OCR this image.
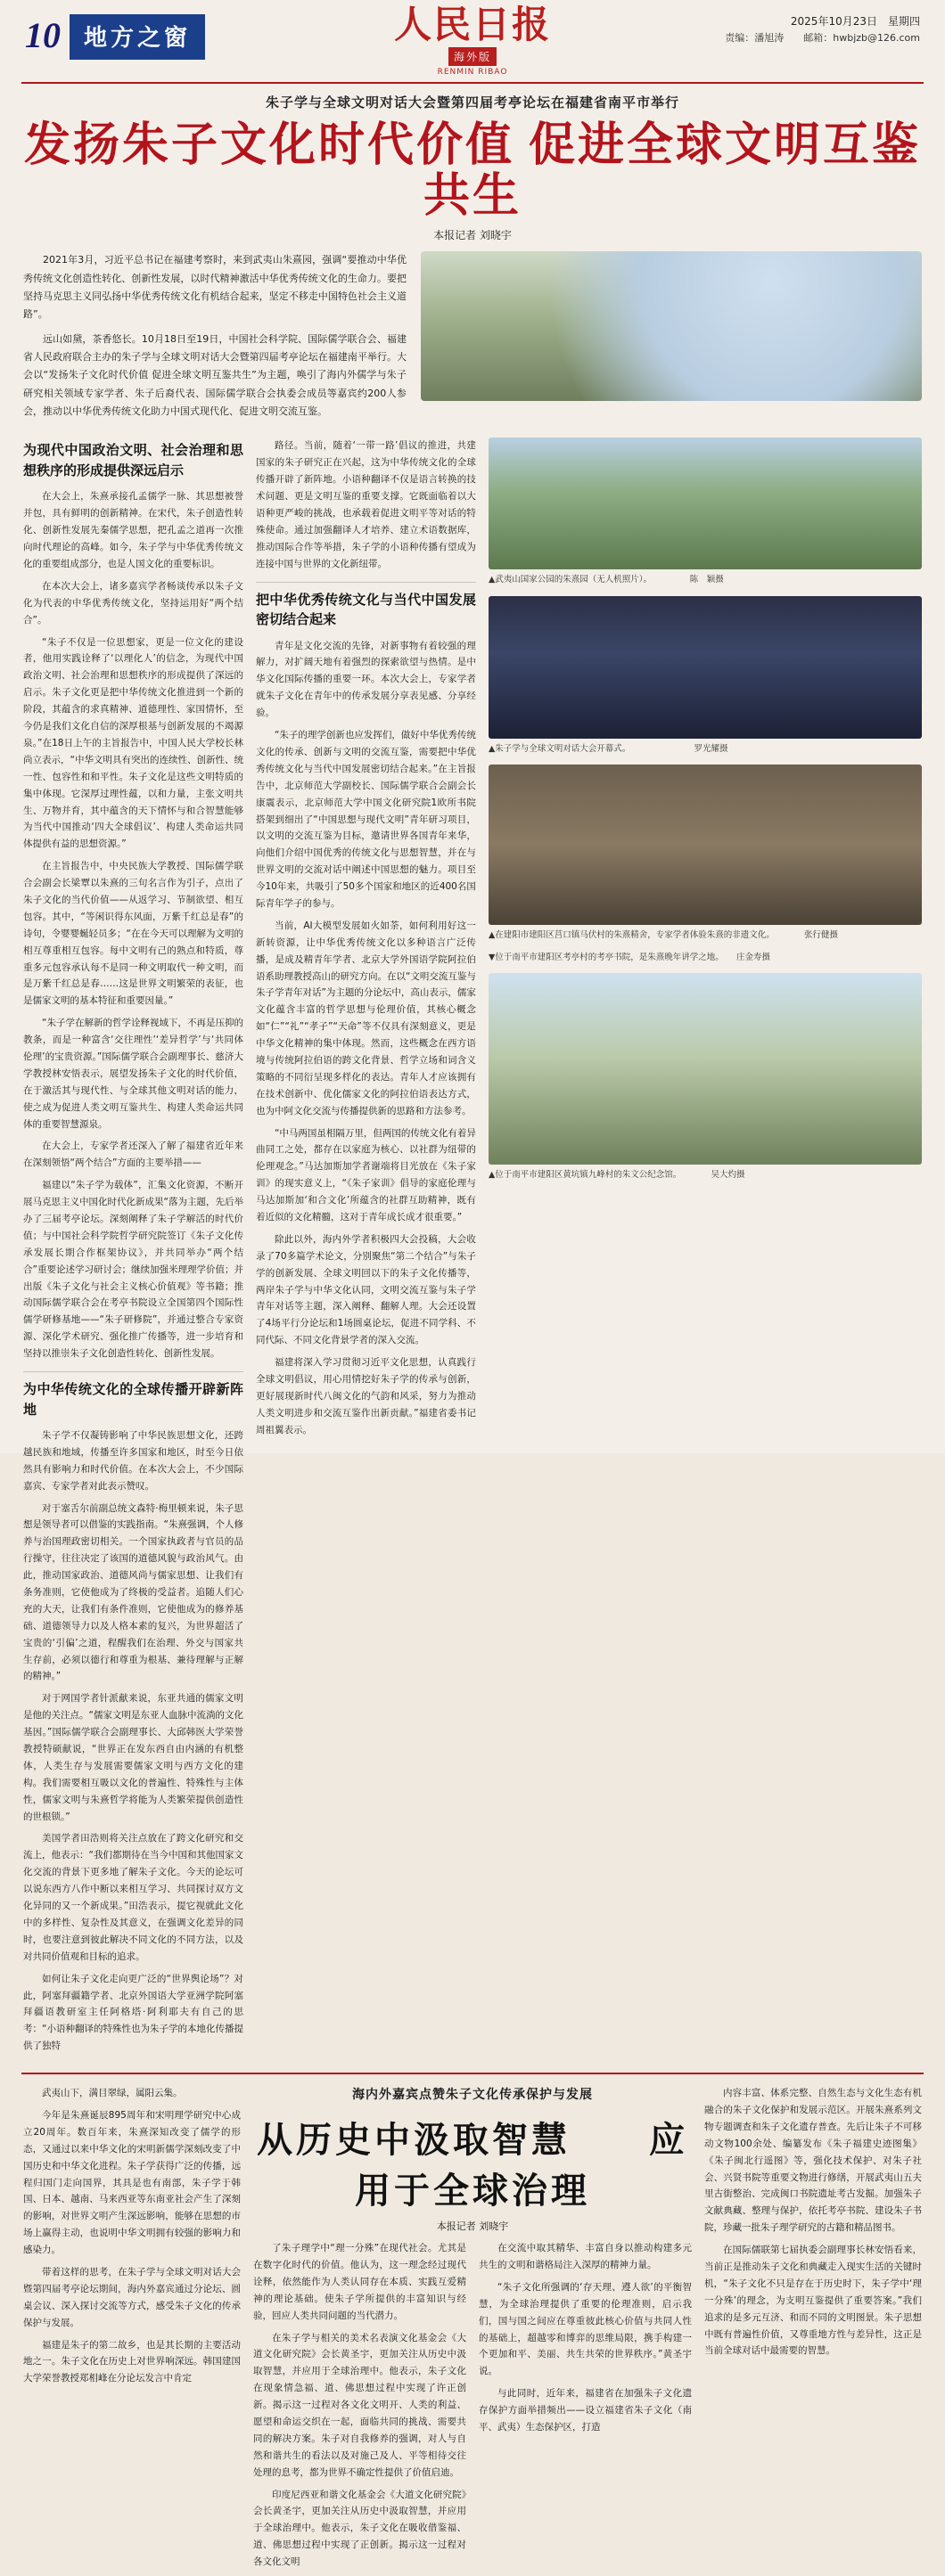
10	地方之窗	人民日报
海外版
RENMIN RIBAO
2025年10月23日　星期四
责编：潘旭涛　　邮箱：hwbjzb@126.com
朱子学与全球文明对话大会暨第四届考亭论坛在福建省南平市举行
发扬朱子文化时代价值 促进全球文明互鉴共生
本报记者 刘晓宇

2021年3月，习近平总书记在福建考察时，来到武夷山朱熹园，强调“要推动中华优秀传统文化创造性转化、创新性发展，以时代精神激活中华优秀传统文化的生命力。要把坚持马克思主义同弘扬中华优秀传统文化有机结合起来，坚定不移走中国特色社会主义道路”。

远山如黛，茶香悠长。10月18日至19日，中国社会科学院、国际儒学联合会、福建省人民政府联合主办的朱子学与全球文明对话大会暨第四届考亭论坛在福建南平举行。大会以“发扬朱子文化时代价值 促进全球文明互鉴共生”为主题，唤引了海内外儒学与朱子研究相关领域专家学者、朱子后裔代表、国际儒学联合会执委会成员等嘉宾约200人参会，推动以中华优秀传统文化助力中国式现代化、促进文明交流互鉴。

为现代中国政治文明、社会治理和思想秩序的形成提供深远启示

在大会上，朱熹承接孔孟儒学一脉、其思想被誉并包，具有鲜明的创新精神。在宋代，朱子创造性转化、创新性发展先秦儒学思想，把孔孟之道再一次推向时代理论的高峰。如今，朱子学与中华优秀传统文化的重要组成部分，也是人国文化的重要标识。

在本次大会上，诸多嘉宾学者畅谈传承以朱子文化为代表的中华优秀传统文化，坚持运用好“两个结合”。

“朱子不仅是一位思想家，更是一位文化的建设者，他用实践诠释了‘以理化人’的信念，为现代中国政治文明、社会治理和思想秩序的形成提供了深远的启示。朱子文化更是把中华传统文化推进到一个新的阶段，其蕴含的求真精神、道德理性、家国情怀，至今仍是我们文化自信的深厚根基与创新发展的不竭源泉。”在18日上午的主旨报告中，中国人民大学校长林尚立表示，“中华文明具有突出的连续性、创新性、统一性、包容性和和平性。朱子文化是这些文明特质的集中体现。它深厚过理性蕴，以和力量，主张文明共生、万物并育，其中蕴含的天下情怀与和合智慧能够为当代中国推动‘四大全球倡议’、构建人类命运共同体提供有益的思想资源。”

在主旨报告中，中央民族大学教授、国际儒学联合会副会长梁覃以朱熹的三句名言作为引子，点出了朱子文化的当代价值——从返学习、节制欲望、相互包容。其中，“等闲识得东风面，万紫千红总是春”的诗句，令婴婴蜒轻员多；“在在今天可以理解为文明的相互尊重相互包容。每中文明有己的熟点和特质，尊重多元包容承认每不是同一种文明取代一种文明，而是万紫千红总是春……这是世界文明繁荣的表征，也是儒家文明的基本特征和重要因量。”

“朱子学在解新的哲学诠释视域下，不再是压抑的教条，而是一种富含‘交往理性’‘差异哲学’与‘共同体伦理’的宝贵资源。”国际儒学联合会副理事长、慈济大学教授林安悟表示，展望发扬朱子文化的时代价值，在于激活其与现代性、与全球其他文明对话的能力，使之成为促进人类文明互鉴共生、构建人类命运共同体的重要智慧源泉。

在大会上，专家学者还深入了解了福建省近年来在深刻领悟“两个结合”方面的主要举措——

福建以“朱子学为载体”，汇集文化资源，不断开展马克思主义中国化时代化新成果“落为主题，先后举办了三届考亭论坛。深刻阐释了朱子学解活的时代价值；与中国社会科学院哲学研究院签订《朱子文化传承发展长期合作框架协议》，并共同举办“两个结合”重要论述学习研讨会；继续加强米理理学价值；并出版《朱子文化与社会主义核心价值观》等书籍；推动国际儒学联合会在考亭书院设立全国第四个国际性儒学研修基地——“朱子研修院”，并通过整合专家资源、深化学术研究、强化推广传播等，进一步培育和坚持以推崇朱子文化创造性转化、创新性发展。

为中华传统文化的全球传播开辟新阵地

朱子学不仅凝铸影响了中华民族思想文化，还跨越民族和地域，传播至许多国家和地区，时至今日依然具有影响力和时代价值。在本次大会上，不少国际嘉宾、专家学者对此表示赞叹。

对于塞舌尔前副总统文森特·梅里顿来说，朱子思想是领导者可以借鉴的实践指南。“朱熹强调，个人修养与治国理政密切相关。一个国家执政者与官员的品行操守，往往决定了该国的道德风貌与政治风气。由此，推动国家政治、道德风尚与儒家思想、让我们有条务准则，它使他成为了终极的受益者。追随人们心充的大天，让我们有条件准则，它使他成为的修养基础、道德领导力以及人格本素的复兴，为世界超活了宝贵的‘引偏’之道，程醒我们在治理、外交与国家共生存前，必须以德行和尊重为根基、兼待理解与正解的精神。”

对于网国学者针派献来说，东亚共通的儒家文明是他的关注点。“儒家文明是东亚人血脉中流淌的文化基因。”国际儒学联合会副理事长、大邱韩医大学荣誉教授特硕献说，“世界正在发东西自由内涵的有机整体，人类生存与发展需要儒家文明与西方文化的建构。我们需要相互吸以文化的普遍性、特殊性与主体性，儒家文明与朱熹哲学将能为人类繁荣提供创造性的世根锁。”

美国学者田浩则将关注点放在了跨文化研究和交流上，他表示：“我们都期待在当今中国和其他国家文化交流的背景下更多地了解朱子文化。今天的论坛可以说东西方八作中断以来相互学习、共同探讨双方文化异同的又一个新成果。”田浩表示，提它视就此文化中的多样性、复杂性及其意义，在强调文化差异的同时，也要注意到彼此解决不同文化的不同方法，以及对共同价值观和目标的追求。

如何让朱子文化走向更广泛的“世界舆论场”？对此，阿塞拜疆籍学者、北京外国语大学亚洲学院阿塞拜疆语教研室主任阿格塔·阿利耶夫有自己的思考：“小语种翻译的特殊性也为朱子学的本地化传播提供了独特

路径。当前，随着‘一带一路’倡议的推进，共建国家的朱子研究正在兴起，这为中华传统文化的全球传播开辟了新阵地。小语种翻译不仅是语言转换的技术问题、更是文明互鉴的重要支撑。它既面临着以大语种更严峻的挑战，也承载着促进文明平等对话的特殊使命。通过加强翻译人才培养、建立术语数据库，推动国际合作等举措，朱子学的小语种传播有望成为连接中国与世界的文化新纽带。

把中华优秀传统文化与当代中国发展密切结合起来

青年是文化交流的先锋，对新事物有着较强的理解力，对扩阔天地有着强烈的探索欲望与热情。是中华文化国际传播的重要一环。本次大会上，专家学者就朱子文化在青年中的传承发展分享表见感、分享经验。

“朱子的理学创新也应发挥们，做好中华优秀传统文化的传承、创新与文明的交流互鉴，需要把中华优秀传统文化与当代中国发展密切结合起来。”在主旨报告中，北京师范大学副校长、国际儒学联合会副会长康震表示，北京师范大学中国文化研究院1欧所书院搭架到细出了“中国思想与现代文明”青年研习项目，以文明的交流互鉴为目标，邀请世界各国青年来华，向他们介绍中国优秀的传统文化与思想智慧，并在与世界文明的交流对话中阐述中国思想的魅力。项目至今10年来，共吸引了50多个国家和地区的近400名国际青年学子的参与。

当前，AI大模型发展如火如荼，如何利用好这一新转资源，让中华优秀传统文化以多种语言广泛传播，是成及精青年学者、北京大学外国语学院阿拉伯语系助理教授高山的研究方向。在以“文明交流互鉴与朱子学青年对话”为主题的分论坛中，高山表示，儒家文化蕴含丰富的哲学思想与伦理价值，其核心概念如“仁”“礼”“孝子”“天命”等不仅具有深刻意义，更是中华文化精神的集中体现。然而，这些概念在西方语境与传统阿拉伯语的跨文化背景、哲学立场和词含义策略的不同衍呈现多样化的表达。青年人才应该拥有在技术创新中、优化儒家文化的阿拉伯语表达方式，也为中阿文化交流与传播提供新的思路和方法参考。

“中马两国虽相隔万里，但两国的传统文化有着异曲同工之处，都存在以家庭为核心、以社群为纽带的伦理观念。”马达加斯加学者谢端将目光放在《朱子家训》的现实意义上，“《朱子家训》倡导的家庭伦理与马达加斯加‘和合文化’所蕴含的社群互助精神，既有着近似的文化精髓，这对于青年成长成才很重要。”

除此以外，海内外学者积极四大会投稿，大会收录了70多篇学术论文，分别聚焦“第二个结合”与朱子学的创新发展、全球文明回以下的朱子文化传播等，两岸朱子学与中华文化认同，文明交流互鉴与朱子学青年对话等主题，深入阐释、翻解人理。大会还设置了4场平行分论坛和1场圆桌论坛，促进不同学科、不同代际、不同文化背景学者的深入交流。

福建将深入学习贯彻习近平文化思想，认真践行全球文明倡议，用心用情挖好朱子学的传承与创新，更好展现新时代八闽文化的气韵和风采，努力为推动人类文明进步和交流互鉴作出新贡献。”福建省委书记周祖翼表示。

▲武夷山国家公园的朱熹园（无人机照片）。　　　　　陈　颖摄
▲朱子学与全球文明对话大会开幕式。　　　　　　　　罗光耀摄
▲在建阳市建阳区莒口镇马伏村的朱熹精舍，专家学者体验朱熹的非遗文化。　　　　张行健摄
▼位于南平市建阳区考亭村的考亭书院，是朱熹晚年讲学之地。　　庄金寿摄
▲位于南平市建阳区黄坑镇九峰村的朱文公纪念馆。　　　　吴大灼摄

武夷山下，满目翠绿，属阳云集。

今年是朱熹诞辰895周年和宋明理学研究中心成立20周年。数百年来，朱熹深知改变了儒学的形态，又通过以来中华文化的宋明新儒学深刻改变了中国历史和中华文化进程。朱子学获得广泛的传播，远程归国门走向国界，其具是也有南部，朱子学于韩国、日本、越南、马来西亚等东南亚社会产生了深刻的影响，对世界文明产生深远影响，能够在思想的市场上赢得主动，也说明中华文明拥有较强的影响力和感染力。

带着这样的思考，在朱子学与全球文明对话大会暨第四届考亭论坛期间，海内外嘉宾通过分论坛、圆桌会议、深入探讨交流等方式，感受朱子文化的传承保护与发展。

福建是朱子的第二故乡，也是其长期的主要活动地之一。朱子文化在历史上对世界响深远。韩国建国大学荣誉教授郑相峰在分论坛发言中肯定

海内外嘉宾点赞朱子文化传承保护与发展
从历史中汲取智慧　　应用于全球治理
本报记者 刘晓宇

了朱子理学中“理一分殊”在现代社会。尤其是在数字化时代的价值。他认为，这一理念经过现代诠释，依然能作为人类认同存在本质、实践互爱精神的理论基础。使朱子学所提供的丰富知识与经验，回应人类共同问题的当代潜力。

在朱子学与相关的美术名表演文化基金会《大道文化研究院》会长黄圣宇，更加关注从历史中汲取智慧，并应用于全球治理中。他表示，朱子文化在现象情急福、道、佛思想过程中实现了许正创新。揭示这一过程对各文化文明开、人类的利益、愿望和命运交织在一起，面临共同的挑战、需要共同的解决方案。朱子对自我修养的强调，对人与自然和谐共生的看法以及对施己及人、平等相待交往处理的息考，都为世界不确定性提供了价值启迪。

印度尼西亚和谐文化基金会《大道文化研究院》会长黄圣宇，更加关注从历史中汲取智慧，并应用于全球治理中。他表示，朱子文化在吸收借鉴福、道、佛思想过程中实现了正创新。揭示这一过程对各文化文明

在交流中取其精华、丰富自身以推动构建多元共生的文明和谐格局注入深厚的精神力量。

“朱子文化所强调的‘存天理、遵人欲’的平衡智慧，为全球治理提供了重要的伦理准则，启示我们，国与国之间应在尊重彼此核心价值与共同人性的基础上，超越零和博弈的思维局限，携手构建一个更加和平、美丽、共生共荣的世界秩序。”黄圣宇说。

与此同时，近年来，福建省在加强朱子文化遗存保护方面举措频出——设立福建省朱子文化（南平、武夷）生态保护区，打造

内容丰富、体系完整、自然生态与文化生态有机融合的朱子文化保护和发展示范区。开展朱熹系列文物专题调查和朱子文化遗存普查。先后让朱子不可移动文物100余处、编纂发布《朱子福建史迹图集》《朱子闽北行遥图》等，强化技术保护、对朱子社会、兴贤书院等重要文物进行修缮，开展武夷山五夫里古街整治、完成闽口书院遗址考古发掘。加强朱子文献典藏、整理与保护，依托考亭书院、建设朱子书院，珍藏一批朱子理学研究的古籍和精品图书。

在国际儒联第七届执委会副理事长林安悟看来，当前正是推动朱子文化和典藏走入现实生活的关键时机，“朱子文化不只是存在于历史时下，朱子学中‘理一分殊’的理念，为支明互鉴提供了重要答案。”我们追求的是多元互济、和而不同的文明图景。朱子思想中既有普遍性价值，又尊重地方性与差异性，这正是当前全球对话中最需要的智慧。
